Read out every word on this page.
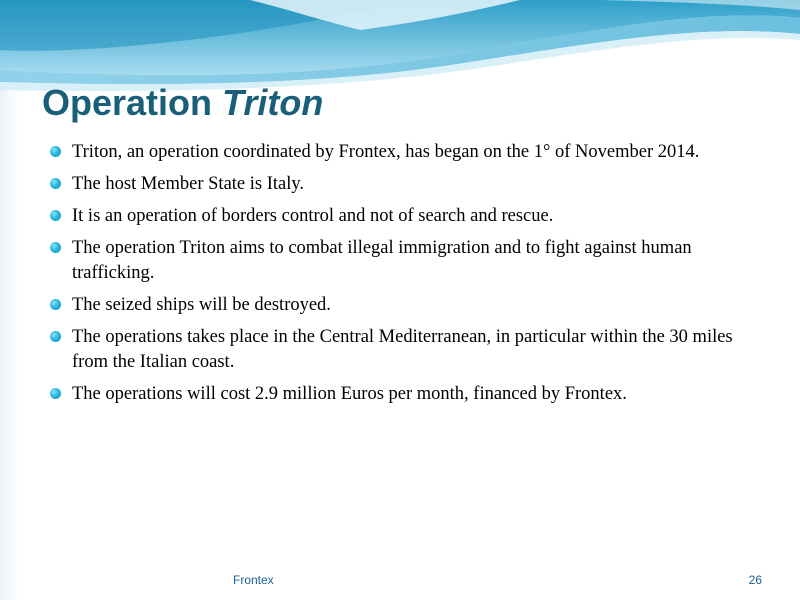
Operation Triton
Triton, an operation coordinated by Frontex, has began on the 1° of November 2014.
The host Member State is Italy.
It is an operation of borders control and not of search and rescue.
The operation Triton aims to combat illegal immigration and to fight against human trafficking.
The seized ships will be destroyed.
The operations takes place in the Central Mediterranean, in particular within the 30 miles from the Italian coast.
The operations will cost 2.9 million Euros per month, financed by Frontex.
Frontex	26
